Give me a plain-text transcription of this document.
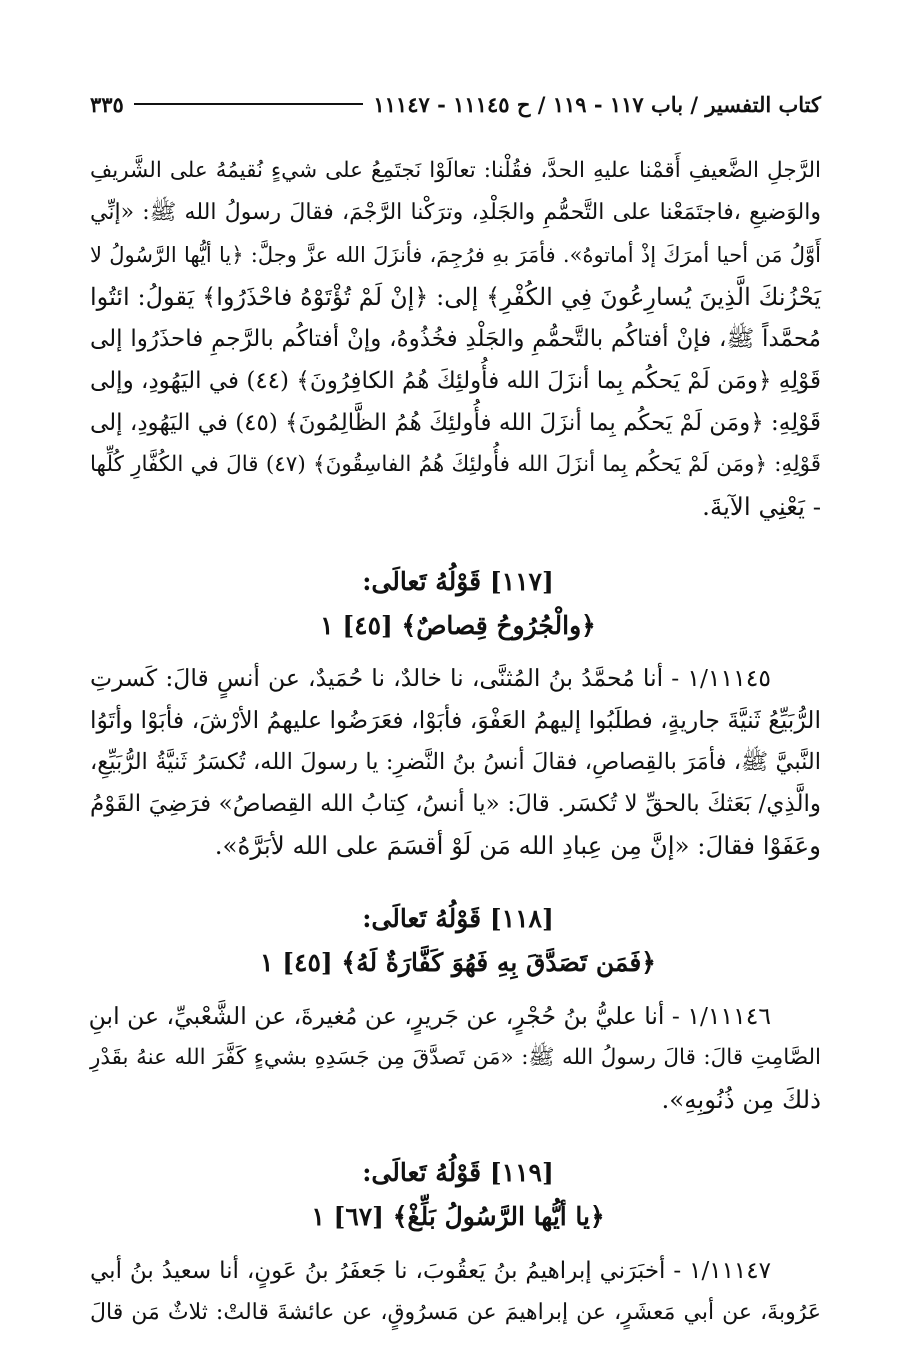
كتاب التفسير / باب ١١٧ - ١١٩ / ح ١١١٤٥ - ١١١٤٧
٣٣٥
الرَّجلِ الضَّعيفِ أَقمْنا عليهِ الحدَّ، فقُلْنا: تعالَوْا نَجتَمِعُ على شيءٍ نُقيمُهُ على الشَّريفِ
والوَضيعِ ،فاجتَمَعْنا على التَّحمُّمِ والجَلْدِ، وترَكْنا الرَّجْمَ، فقالَ رسولُ الله ﷺ: «إنِّي
أَوَّلُ مَن أحيا أمرَكَ إذْ أماتوهُ». فأمَرَ بهِ فرُجِمَ، فأنزَلَ الله عزَّ وجلَّ: ﴿يا أيُّها الرَّسُولُ لا
يَحْزُنكَ الَّذِينَ يُسارِعُونَ فِي الكُفْرِ﴾ إلى: ﴿إنْ لَمْ تُؤْتَوْهُ فاحْذَرُوا﴾ يَقولُ: ائتُوا
مُحمَّداً ﷺ، فإنْ أفتاكُم بالتَّحمُّمِ والجَلْدِ فخُذُوهُ، وإنْ أفتاكُم بالرَّجمِ فاحذَرُوا إلى
قَوْلِهِ ﴿ومَن لَمْ يَحكُم بِما أنزَلَ الله فأُولئِكَ هُمُ الكافِرُونَ﴾ (٤٤) في اليَهُودِ، وإلى
قَوْلِهِ: ﴿ومَن لَمْ يَحكُم بِما أنزَلَ الله فأُولئِكَ هُمُ الظَّالِمُونَ﴾ (٤٥) في اليَهُودِ، إلى
قَوْلِهِ: ﴿ومَن لَمْ يَحكُم بِما أنزَلَ الله فأُولئِكَ هُمُ الفاسِقُونَ﴾ (٤٧) قالَ في الكُفَّارِ كُلِّها
- يَعْنِي الآيةَ.
[١١٧] قَوْلُهُ تَعالَى:
﴿والْجُرُوحُ قِصاصٌ﴾ [٤٥] ١
١/١١١٤٥ - أنا مُحمَّدُ بنُ المُثنَّى، نا خالدٌ، نا حُمَيدٌ، عن أنسٍ قالَ: كَسرتِ
الرُّبَيِّعُ ثَنيَّةَ جاريةٍ، فطلَبُوا إليهمُ العَفْوَ، فأبَوْا، فعَرَضُوا عليهمُ الأرْشَ، فأبَوْا وأتَوُا
النَّبيَّ ﷺ، فأمَرَ بالقِصاصِ، فقالَ أنسُ بنُ النَّضرِ: يا رسولَ الله، تُكسَرُ ثَنيَّةُ الرُّبَيِّعِ،
والَّذِي/ بَعَثكَ بالحقِّ لا تُكسَر. قالَ: «يا أنسُ، كِتابُ الله القِصاصُ» فرَضِيَ القَوْمُ
وعَفَوْا فقالَ: «إنَّ مِن عِبادِ الله مَن لَوْ أقسَمَ على الله لأبَرَّهُ».
[١١٨] قَوْلُهُ تَعالَى:
﴿فَمَن تَصَدَّقَ بِهِ فَهُوَ كَفَّارَةٌ لَهُ﴾ [٤٥] ١
١/١١١٤٦ - أنا عليُّ بنُ حُجْرٍ، عن جَريرٍ، عن مُغيرةَ، عن الشَّعْبيِّ، عن ابنِ
الصَّامِتِ قالَ: قالَ رسولُ الله ﷺ: «مَن تَصدَّقَ مِن جَسَدِهِ بشيءٍ كَفَّرَ الله عنهُ بقَدْرِ
ذلكَ مِن ذُنُوبِهِ».
[١١٩] قَوْلُهُ تَعالَى:
﴿يا أيُّها الرَّسُولُ بَلِّغْ﴾ [٦٧] ١
١/١١١٤٧ - أخبَرَني إبراهيمُ بنُ يَعقُوبَ، نا جَعفَرُ بنُ عَونٍ، أنا سعيدُ بنُ أبي
عَرُوبةَ، عن أبي مَعشَرٍ، عن إبراهيمَ عن مَسرُوقٍ، عن عائشةَ قالتْ: ثلاثٌ مَن قالَ
